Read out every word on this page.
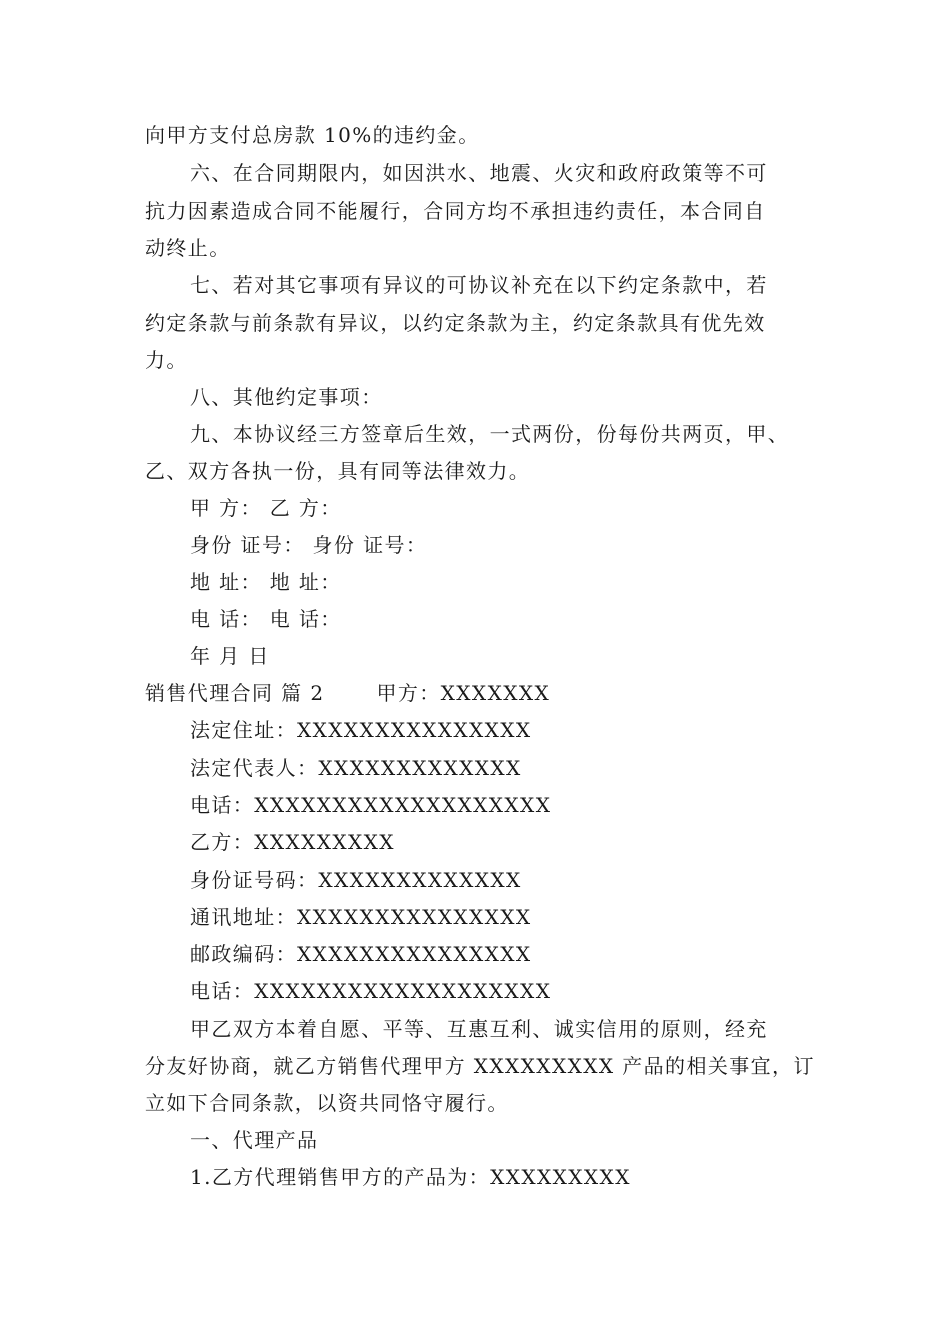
向甲方支付总房款 10%的违约金。
六、在合同期限内，如因洪水、地震、火灾和政府政策等不可
抗力因素造成合同不能履行，合同方均不承担违约责任，本合同自
动终止。
七、若对其它事项有异议的可协议补充在以下约定条款中，若
约定条款与前条款有异议，以约定条款为主，约定条款具有优先效
力。
八、其他约定事项：
九、本协议经三方签章后生效，一式两份，份每份共两页，甲、
乙、双方各执一份，具有同等法律效力。
甲 方： 乙 方：
身份 证号： 身份 证号：
地 址： 地 址：
电 话： 电 话：
年 月 日
销售代理合同 篇 2	甲方：XXXXXXX
法定住址：XXXXXXXXXXXXXXX
法定代表人：XXXXXXXXXXXXX
电话：XXXXXXXXXXXXXXXXXXX
乙方：XXXXXXXXX
身份证号码：XXXXXXXXXXXXX
通讯地址：XXXXXXXXXXXXXXX
邮政编码：XXXXXXXXXXXXXXX
电话：XXXXXXXXXXXXXXXXXXX
甲乙双方本着自愿、平等、互惠互利、诚实信用的原则，经充
分友好协商，就乙方销售代理甲方 XXXXXXXXX 产品的相关事宜，订
立如下合同条款，以资共同恪守履行。
一、代理产品
1.乙方代理销售甲方的产品为：XXXXXXXXX
